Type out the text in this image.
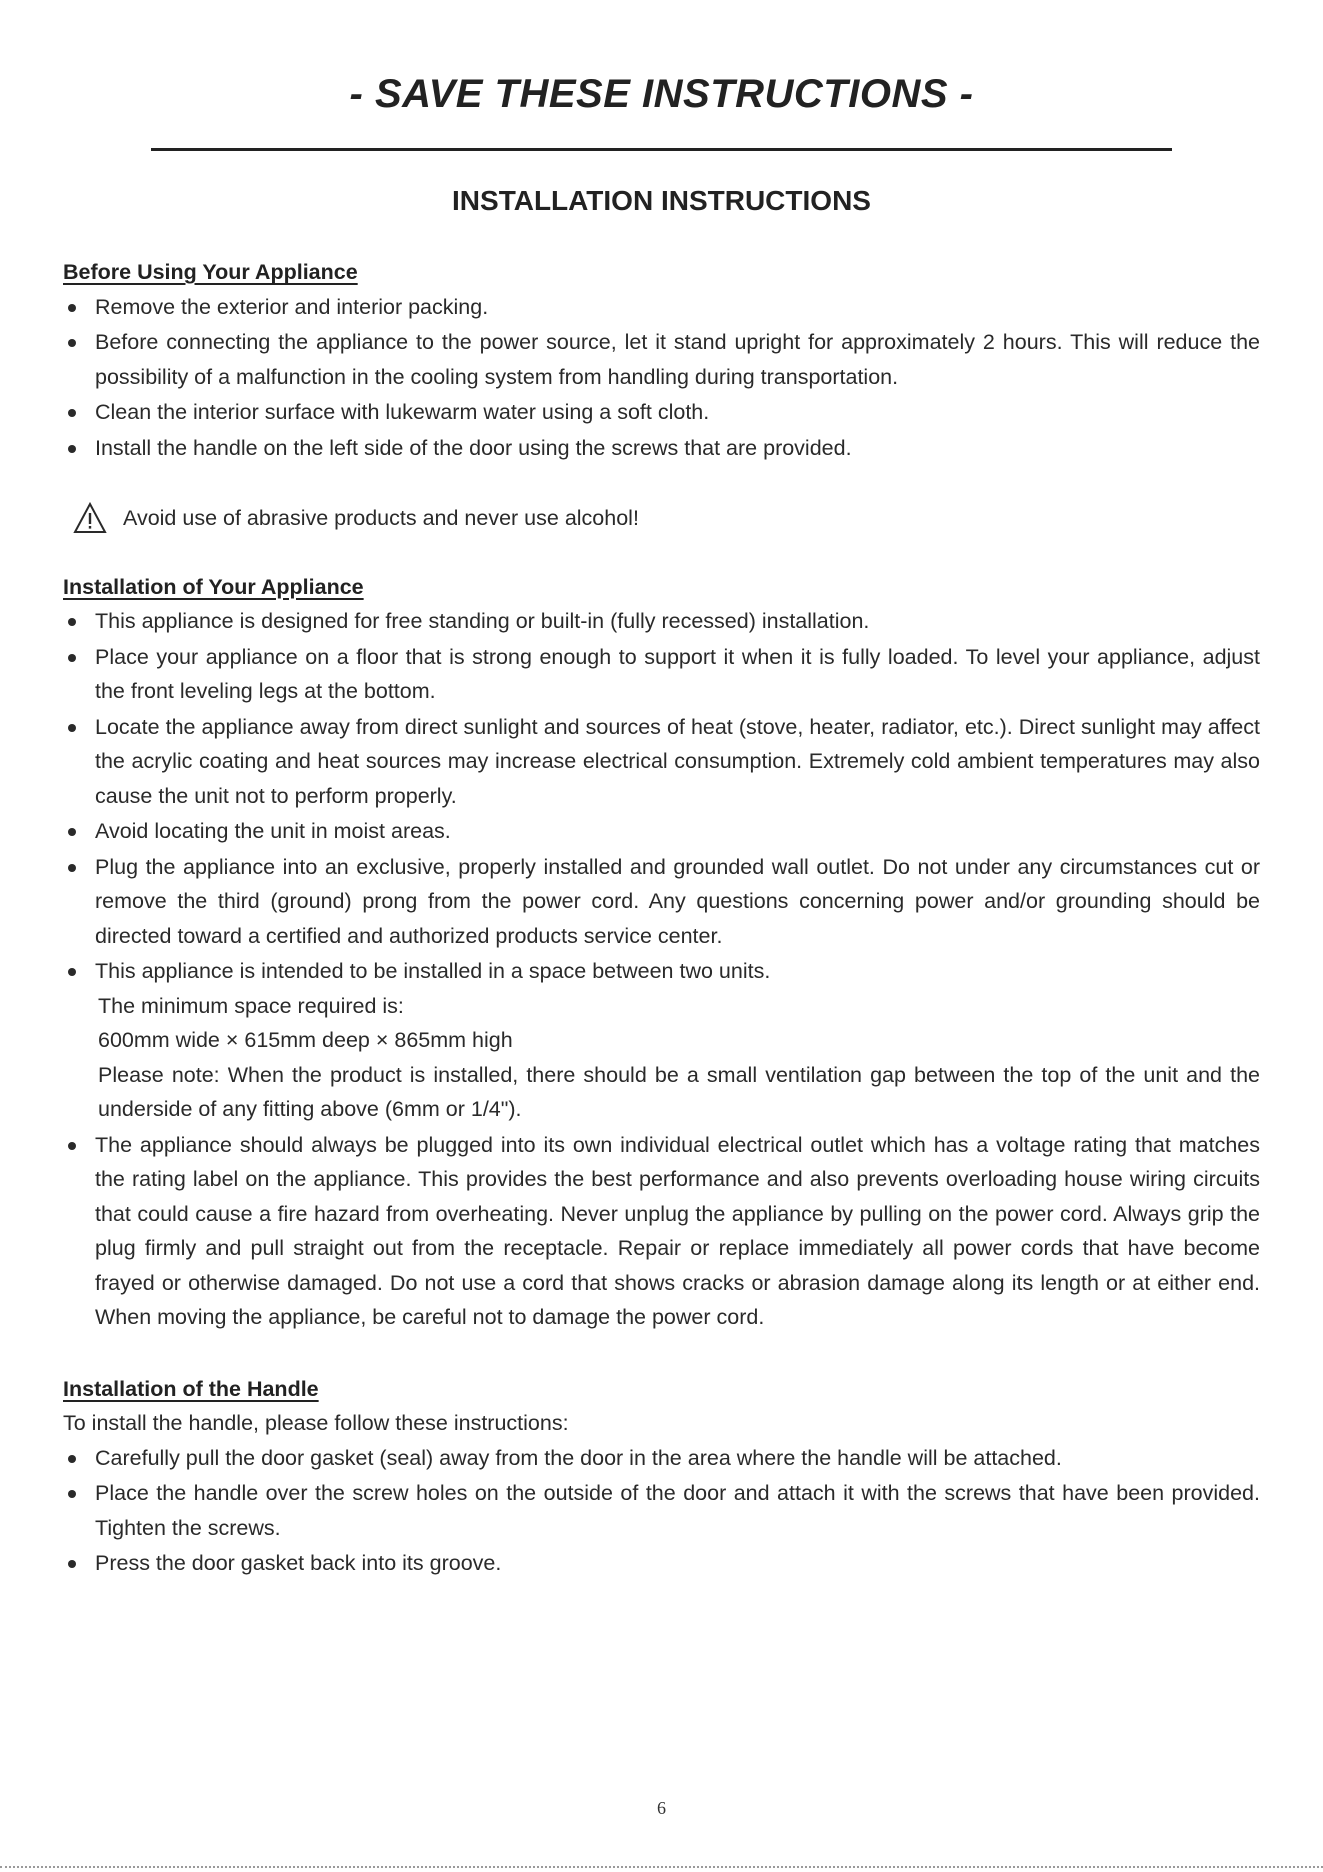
- SAVE THESE INSTRUCTIONS -
INSTALLATION INSTRUCTIONS
Before Using Your Appliance
Remove the exterior and interior packing.
Before connecting the appliance to the power source, let it stand upright for approximately 2 hours. This will reduce the possibility of a malfunction in the cooling system from handling during transportation.
Clean the interior surface with lukewarm water using a soft cloth.
Install the handle on the left side of the door using the screws that are provided.
Avoid use of abrasive products and never use alcohol!
Installation of Your Appliance
This appliance is designed for free standing or built-in (fully recessed) installation.
Place your appliance on a floor that is strong enough to support it when it is fully loaded. To level your appliance, adjust the front leveling legs at the bottom.
Locate the appliance away from direct sunlight and sources of heat (stove, heater, radiator, etc.). Direct sunlight may affect the acrylic coating and heat sources may increase electrical consumption. Extremely cold ambient temperatures may also cause the unit not to perform properly.
Avoid locating the unit in moist areas.
Plug the appliance into an exclusive, properly installed and grounded wall outlet. Do not under any circumstances cut or remove the third (ground) prong from the power cord. Any questions concerning power and/or grounding should be directed toward a certified and authorized products service center.
This appliance is intended to be installed in a space between two units.
The minimum space required is:
600mm wide × 615mm deep × 865mm high
Please note: When the product is installed, there should be a small ventilation gap between the top of the unit and the underside of any fitting above (6mm or 1/4").
The appliance should always be plugged into its own individual electrical outlet which has a voltage rating that matches the rating label on the appliance. This provides the best performance and also prevents overloading house wiring circuits that could cause a fire hazard from overheating. Never unplug the appliance by pulling on the power cord. Always grip the plug firmly and pull straight out from the receptacle. Repair or replace immediately all power cords that have become frayed or otherwise damaged. Do not use a cord that shows cracks or abrasion damage along its length or at either end. When moving the appliance, be careful not to damage the power cord.
Installation of the Handle

To install the handle, please follow these instructions:

Carefully pull the door gasket (seal) away from the door in the area where the handle will be attached.
Place the handle over the screw holes on the outside of the door and attach it with the screws that have been provided. Tighten the screws.
Press the door gasket back into its groove.
6
